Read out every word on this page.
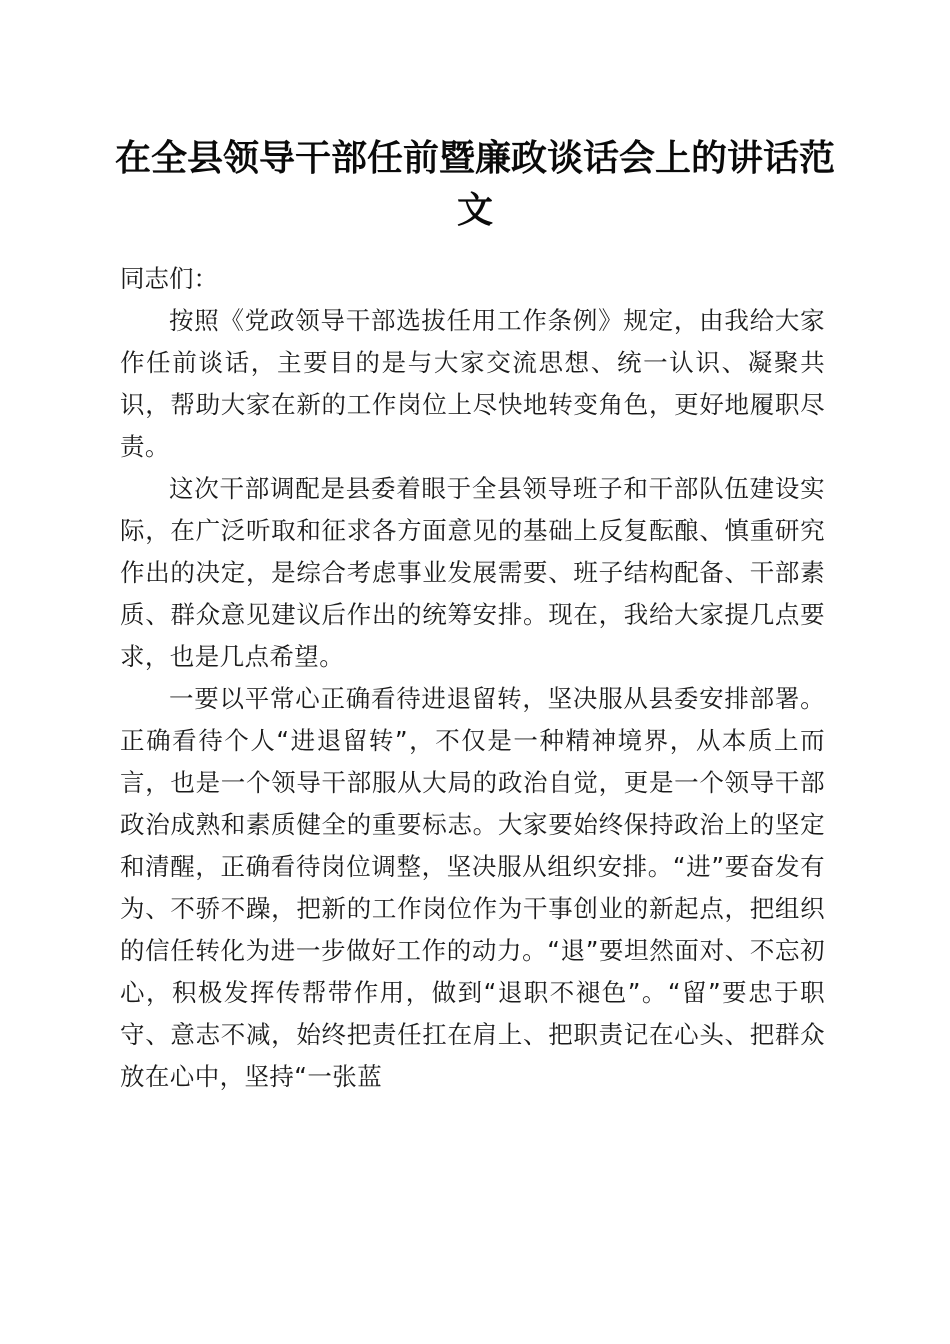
在全县领导干部任前暨廉政谈话会上的讲话范文

同志们：

按照《党政领导干部选拔任用工作条例》规定，由我给大家作任前谈话，主要目的是与大家交流思想、统一认识、凝聚共识，帮助大家在新的工作岗位上尽快地转变角色，更好地履职尽责。

这次干部调配是县委着眼于全县领导班子和干部队伍建设实际，在广泛听取和征求各方面意见的基础上反复酝酿、慎重研究作出的决定，是综合考虑事业发展需要、班子结构配备、干部素质、群众意见建议后作出的统筹安排。现在，我给大家提几点要求，也是几点希望。

一要以平常心正确看待进退留转，坚决服从县委安排部署。正确看待个人“进退留转”，不仅是一种精神境界，从本质上而言，也是一个领导干部服从大局的政治自觉，更是一个领导干部政治成熟和素质健全的重要标志。大家要始终保持政治上的坚定和清醒，正确看待岗位调整，坚决服从组织安排。“进”要奋发有为、不骄不躁，把新的工作岗位作为干事创业的新起点，把组织的信任转化为进一步做好工作的动力。“退”要坦然面对、不忘初心，积极发挥传帮带作用，做到“退职不褪色”。“留”要忠于职守、意志不减，始终把责任扛在肩上、把职责记在心头、把群众放在心中，坚持“一张蓝
